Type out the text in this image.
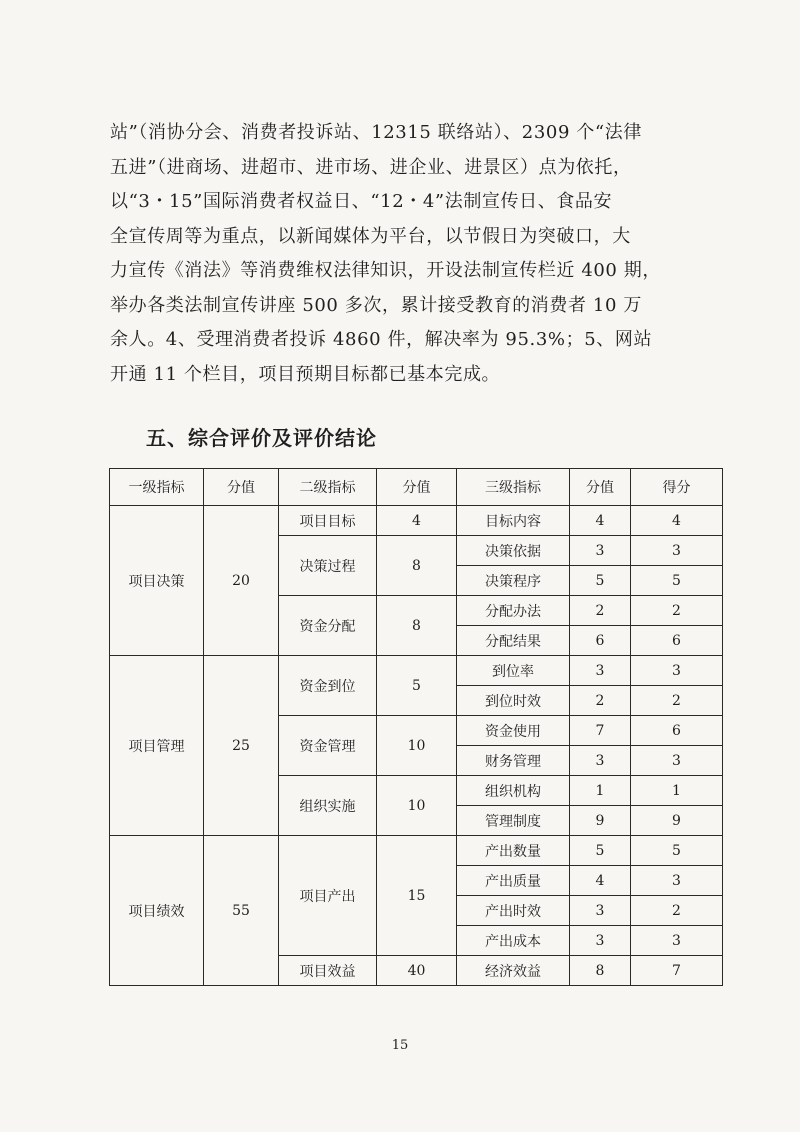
站”（消协分会、消费者投诉站、12315 联络站）、2309 个“法律
五进”（进商场、进超市、进市场、进企业、进景区）点为依托，
以“3・15”国际消费者权益日、“12・4”法制宣传日、食品安
全宣传周等为重点，以新闻媒体为平台，以节假日为突破口，大
力宣传《消法》等消费维权法律知识，开设法制宣传栏近 400 期，
举办各类法制宣传讲座 500 多次，累计接受教育的消费者 10 万
余人。4、受理消费者投诉 4860 件，解决率为 95.3%；5、网站
开通 11 个栏目，项目预期目标都已基本完成。
五、综合评价及评价结论
一级指标	分值	二级指标	分值	三级指标	分值	得分
项目决策	20	项目目标	4	目标内容	4	4
		决策过程	8	决策依据	3	3
				决策程序	5	5
		资金分配	8	分配办法	2	2
				分配结果	6	6
项目管理	25	资金到位	5	到位率	3	3
				到位时效	2	2
		资金管理	10	资金使用	7	6
				财务管理	3	3
		组织实施	10	组织机构	1	1
				管理制度	9	9
项目绩效	55	项目产出	15	产出数量	5	5
				产出质量	4	3
				产出时效	3	2
				产出成本	3	3
		项目效益	40	经济效益	8	7
15
